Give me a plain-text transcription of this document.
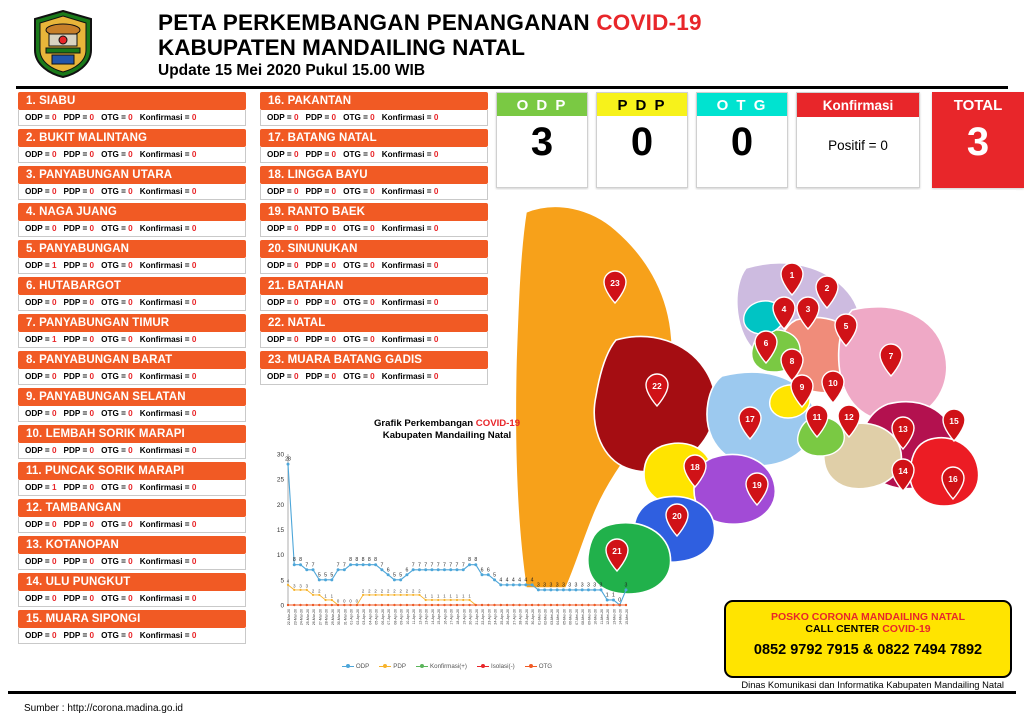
PETA PERKEMBANGAN PENANGANAN COVID-19
KABUPATEN MANDAILING NATAL
Update 15 Mei 2020 Pukul 15.00 WIB
1. SIABU
ODP = 0 PDP = 0 OTG = 0 Konfirmasi = 0
2. BUKIT MALINTANG
ODP = 0 PDP = 0 OTG = 0 Konfirmasi = 0
3. PANYABUNGAN UTARA
ODP = 0 PDP = 0 OTG = 0 Konfirmasi = 0
4. NAGA JUANG
ODP = 0 PDP = 0 OTG = 0 Konfirmasi = 0
5. PANYABUNGAN
ODP = 1 PDP = 0 OTG = 0 Konfirmasi = 0
6. HUTABARGOT
ODP = 0 PDP = 0 OTG = 0 Konfirmasi = 0
7. PANYABUNGAN TIMUR
ODP = 1 PDP = 0 OTG = 0 Konfirmasi = 0
8. PANYABUNGAN BARAT
ODP = 0 PDP = 0 OTG = 0 Konfirmasi = 0
9. PANYABUNGAN SELATAN
ODP = 0 PDP = 0 OTG = 0 Konfirmasi = 0
10. LEMBAH SORIK MARAPI
ODP = 0 PDP = 0 OTG = 0 Konfirmasi = 0
11. PUNCAK SORIK MARAPI
ODP = 1 PDP = 0 OTG = 0 Konfirmasi = 0
12. TAMBANGAN
ODP = 0 PDP = 0 OTG = 0 Konfirmasi = 0
13. KOTANOPAN
ODP = 0 PDP = 0 OTG = 0 Konfirmasi = 0
14. ULU PUNGKUT
ODP = 0 PDP = 0 OTG = 0 Konfirmasi = 0
15. MUARA SIPONGI
ODP = 0 PDP = 0 OTG = 0 Konfirmasi = 0
16. PAKANTAN
ODP = 0 PDP = 0 OTG = 0 Konfirmasi = 0
17. BATANG NATAL
ODP = 0 PDP = 0 OTG = 0 Konfirmasi = 0
18. LINGGA BAYU
ODP = 0 PDP = 0 OTG = 0 Konfirmasi = 0
19. RANTO BAEK
ODP = 0 PDP = 0 OTG = 0 Konfirmasi = 0
20. SINUNUKAN
ODP = 0 PDP = 0 OTG = 0 Konfirmasi = 0
21. BATAHAN
ODP = 0 PDP = 0 OTG = 0 Konfirmasi = 0
22. NATAL
ODP = 0 PDP = 0 OTG = 0 Konfirmasi = 0
23. MUARA BATANG GADIS
ODP = 0 PDP = 0 OTG = 0 Konfirmasi = 0
O D P
3
P D P
0
O T G
0
Konfirmasi
Positif = 0
TOTAL
3
23
1
2
4 3
5
6
8	7
9	10
22
11	12
13
15
17
14
16
18
19
20
21
Grafik Perkembangan COVID-19
Kabupaten Mandailing Natal
0
5
10
15
20
25
30
22-Mar-20 23-Mar-20 24-Mar-20 25-Mar-20 26-Mar-20 27-Mar-20 28-Mar-20 29-Mar-20 30-Mar-20 31-Mar-20 01-Apr-20 02-Apr-20 03-Apr-20 04-Apr-20 05-Apr-20 06-Apr-20 07-Apr-20 08-Apr-20 09-Apr-20 10-Apr-20 11-Apr-20 12-Apr-20 13-Apr-20 14-Apr-20 15-Apr-20 16-Apr-20 17-Apr-20 18-Apr-20 19-Apr-20 20-Apr-20 21-Apr-20 22-Apr-20 23-Apr-20 24-Apr-20 25-Apr-20 26-Apr-20 27-Apr-20 28-Apr-20 29-Apr-20 30-Apr-20 01-Mei-20 02-Mei-20 03-Mei-20 04-Mei-20 05-Mei-20 06-Mei-20 07-Mei-20 08-Mei-20 09-Mei-20 10-Mei-20 11-Mei-20 12-Mei-20 13-Mei-20 14-Mei-20 15-Mei-20
28
8 8
7 7
5 5 5
7 7
8 8 8 8 8
7
6
5 5
6
7 7 7 7 7 7 7 7 7
8 8
6 6
5
4 4 4 4 4 4
3 3 3 3 3 3 3 3 3 3 3
1 1
0
3
4
3 3 3
2 2
1 1
0 0 0 0
2 2 2 2 2 2 2 2 2 2
1 1 1 1 1 1 1 1
ODP	PDP	Konfirmasi(+)	Isolasi(-)	OTG
POSKO CORONA MANDAILING NATAL
CALL CENTER COVID-19
0852 9792 7915 & 0822 7494 7892
Dinas Komunikasi dan Informatika Kabupaten Mandailing Natal
Sumber : http://corona.madina.go.id
